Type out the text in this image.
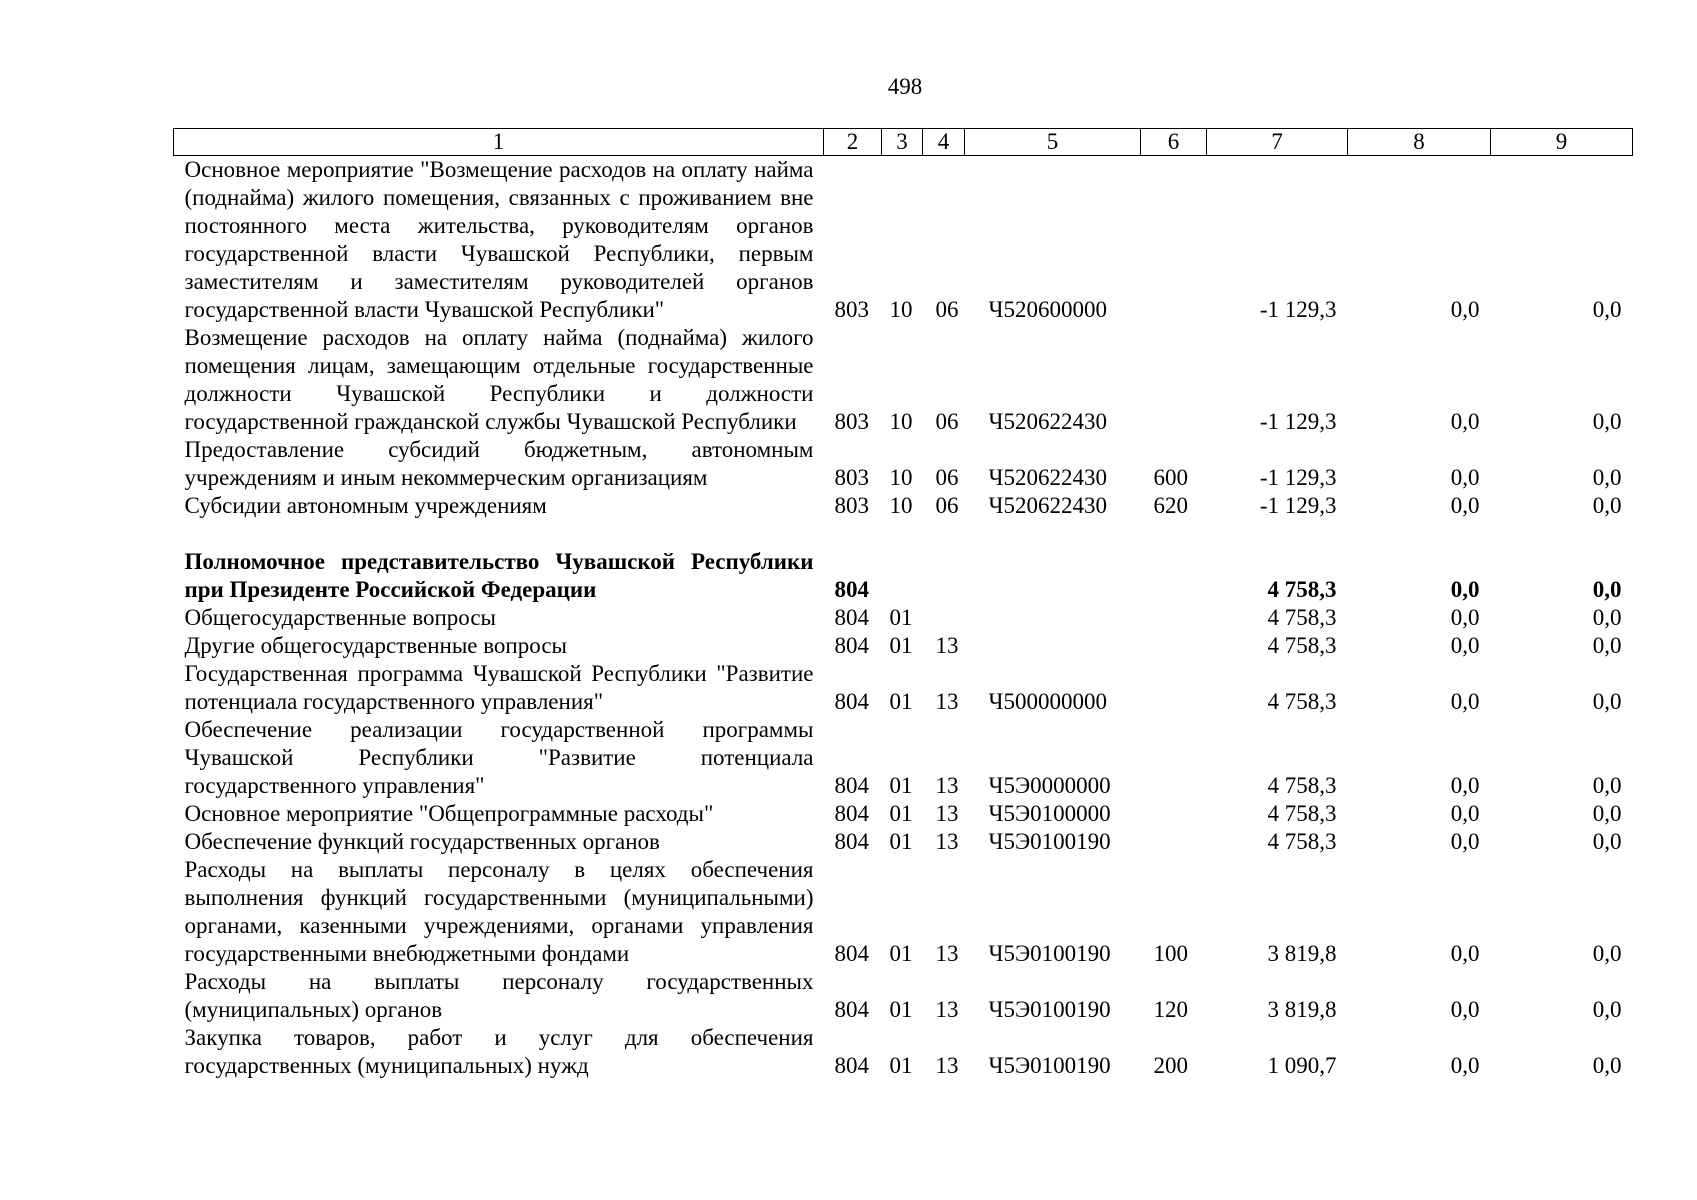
498
1	2	3	4	5	6	7	8	9
Основное мероприятие "Возмещение расходов на оплату найма (поднайма) жилого помещения, связанных с проживанием вне постоянного места жительства, руководителям органов государственной власти Чувашской Республики, первым заместителям и заместителям руководителей органов государственной власти Чувашской Республики"	803	10	06	Ч520600000		-1 129,3	0,0	0,0
Возмещение расходов на оплату найма (поднайма) жилого помещения лицам, замещающим отдельные государственные должности Чувашской Республики и должности государственной гражданской службы Чувашской Республики	803	10	06	Ч520622430		-1 129,3	0,0	0,0
Предоставление субсидий бюджетным, автономным учреждениям и иным некоммерческим организациям	803	10	06	Ч520622430	600	-1 129,3	0,0	0,0
Субсидии автономным учреждениям	803	10	06	Ч520622430	620	-1 129,3	0,0	0,0

Полномочное представительство Чувашской Республики при Президенте Российской Федерации	804					4 758,3	0,0	0,0
Общегосударственные вопросы	804	01				4 758,3	0,0	0,0
Другие общегосударственные вопросы	804	01	13			4 758,3	0,0	0,0
Государственная программа Чувашской Республики "Развитие потенциала государственного управления"	804	01	13	Ч500000000		4 758,3	0,0	0,0
Обеспечение реализации государственной программы Чувашской Республики "Развитие потенциала государственного управления"	804	01	13	Ч5Э0000000		4 758,3	0,0	0,0
Основное мероприятие "Общепрограммные расходы"	804	01	13	Ч5Э0100000		4 758,3	0,0	0,0
Обеспечение функций государственных органов	804	01	13	Ч5Э0100190		4 758,3	0,0	0,0
Расходы на выплаты персоналу в целях обеспечения выполнения функций государственными (муниципальными) органами, казенными учреждениями, органами управления государственными внебюджетными фондами	804	01	13	Ч5Э0100190	100	3 819,8	0,0	0,0
Расходы на выплаты персоналу государственных (муниципальных) органов	804	01	13	Ч5Э0100190	120	3 819,8	0,0	0,0
Закупка товаров, работ и услуг для обеспечения государственных (муниципальных) нужд	804	01	13	Ч5Э0100190	200	1 090,7	0,0	0,0
